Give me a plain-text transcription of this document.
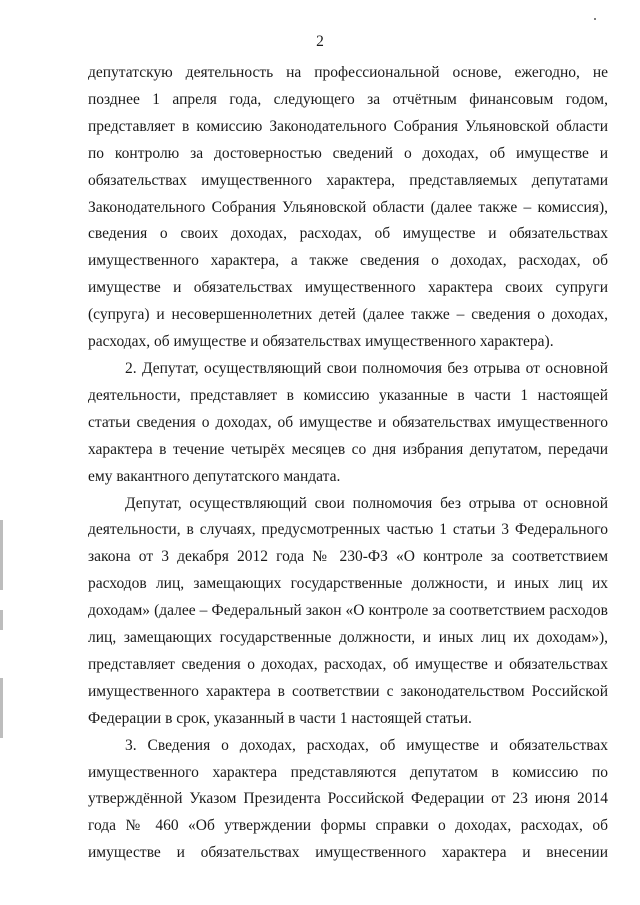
2

депутатскую деятельность на профессиональной основе, ежегодно, не позднее 1 апреля года, следующего за отчётным финансовым годом, представляет в комиссию Законодательного Собрания Ульяновской области по контролю за достоверностью сведений о доходах, об имуществе и обязательствах имущественного характера, представляемых депутатами Законодательного Собрания Ульяновской области (далее также – комиссия), сведения о своих доходах, расходах, об имуществе и обязательствах имущественного характера, а также сведения о доходах, расходах, об имуществе и обязательствах имущественного характера своих супруги (супруга) и несовершеннолетних детей (далее также – сведения о доходах, расходах, об имуществе и обязательствах имущественного характера).

2. Депутат, осуществляющий свои полномочия без отрыва от основной деятельности, представляет в комиссию указанные в части 1 настоящей статьи сведения о доходах, об имуществе и обязательствах имущественного характера в течение четырёх месяцев со дня избрания депутатом, передачи ему вакантного депутатского мандата.

Депутат, осуществляющий свои полномочия без отрыва от основной деятельности, в случаях, предусмотренных частью 1 статьи 3 Федерального закона от 3 декабря 2012 года № 230-ФЗ «О контроле за соответствием расходов лиц, замещающих государственные должности, и иных лиц их доходам» (далее – Федеральный закон «О контроле за соответствием расходов лиц, замещающих государственные должности, и иных лиц их доходам»), представляет сведения о доходах, расходах, об имуществе и обязательствах имущественного характера в соответствии с законодательством Российской Федерации в срок, указанный в части 1 настоящей статьи.

3. Сведения о доходах, расходах, об имуществе и обязательствах имущественного характера представляются депутатом в комиссию по утверждённой Указом Президента Российской Федерации от 23 июня 2014 года № 460 «Об утверждении формы справки о доходах, расходах, об имуществе и обязательствах имущественного характера и внесении
